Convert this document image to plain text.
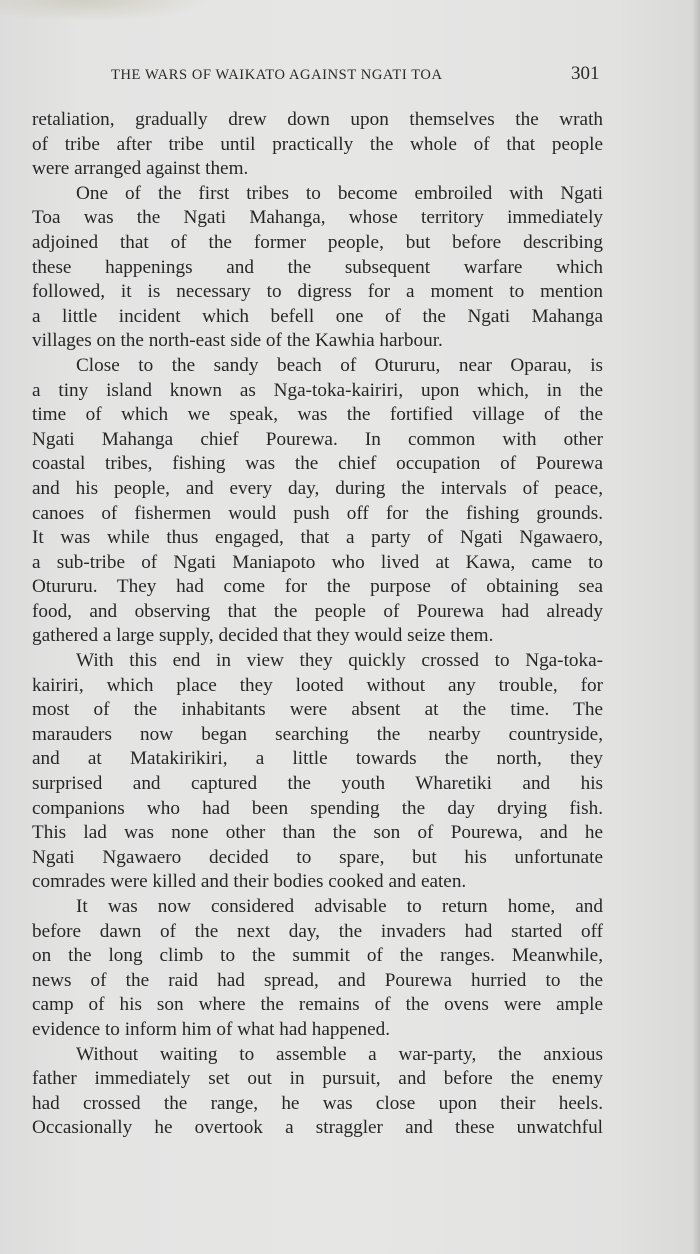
THE WARS OF WAIKATO AGAINST NGATI TOA	301
retaliation, gradually drew down upon themselves the wrath
of tribe after tribe until practically the whole of that people
were arranged against them.
One of the first tribes to become embroiled with Ngati
Toa was the Ngati Mahanga, whose territory immediately
adjoined that of the former people, but before describing
these happenings and the subsequent warfare which
followed, it is necessary to digress for a moment to mention
a little incident which befell one of the Ngati Mahanga
villages on the north-east side of the Kawhia harbour.
Close to the sandy beach of Otururu, near Oparau, is
a tiny island known as Nga-toka-kairiri, upon which, in the
time of which we speak, was the fortified village of the
Ngati Mahanga chief Pourewa. In common with other
coastal tribes, fishing was the chief occupation of Pourewa
and his people, and every day, during the intervals of peace,
canoes of fishermen would push off for the fishing grounds.
It was while thus engaged, that a party of Ngati Ngawaero,
a sub-tribe of Ngati Maniapoto who lived at Kawa, came to
Otururu. They had come for the purpose of obtaining sea
food, and observing that the people of Pourewa had already
gathered a large supply, decided that they would seize them.
With this end in view they quickly crossed to Nga-toka-
kairiri, which place they looted without any trouble, for
most of the inhabitants were absent at the time. The
marauders now began searching the nearby countryside,
and at Matakirikiri, a little towards the north, they
surprised and captured the youth Wharetiki and his
companions who had been spending the day drying fish.
This lad was none other than the son of Pourewa, and he
Ngati Ngawaero decided to spare, but his unfortunate
comrades were killed and their bodies cooked and eaten.
It was now considered advisable to return home, and
before dawn of the next day, the invaders had started off
on the long climb to the summit of the ranges. Meanwhile,
news of the raid had spread, and Pourewa hurried to the
camp of his son where the remains of the ovens were ample
evidence to inform him of what had happened.
Without waiting to assemble a war-party, the anxious
father immediately set out in pursuit, and before the enemy
had crossed the range, he was close upon their heels.
Occasionally he overtook a straggler and these unwatchful
